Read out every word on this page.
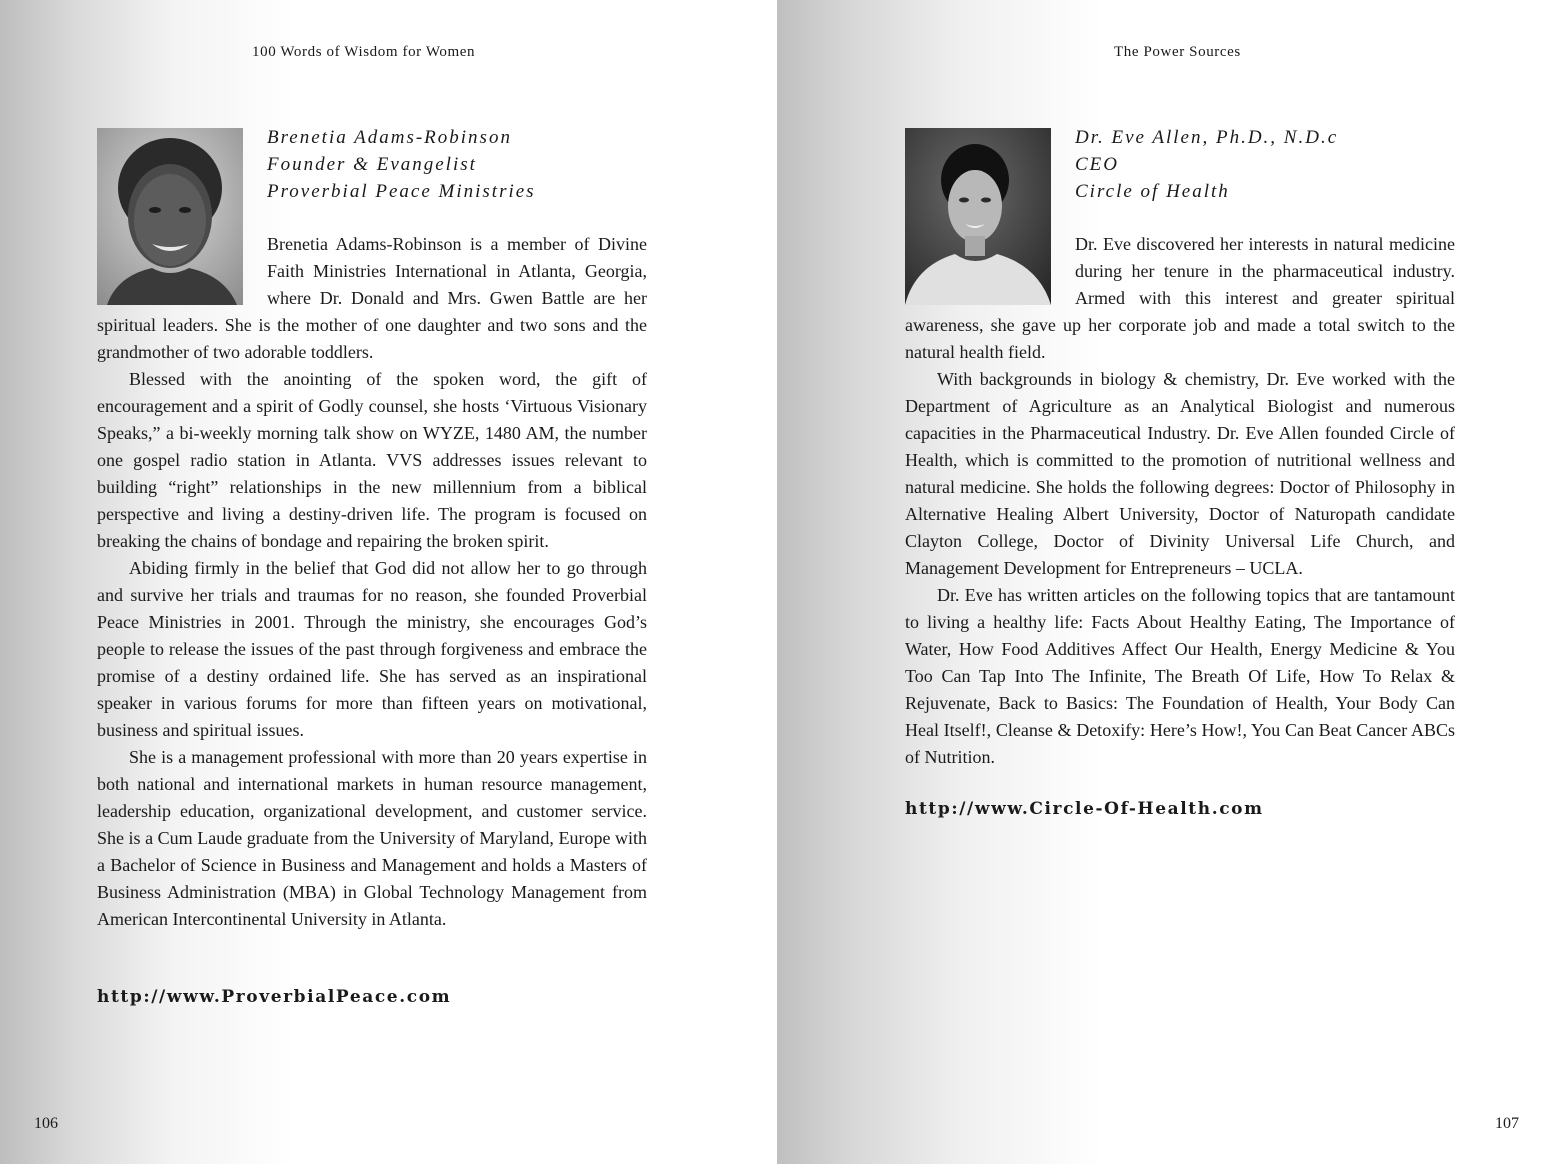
100 Words of Wisdom for Women
Brenetia Adams-Robinson
Founder & Evangelist
Proverbial Peace Ministries

Brenetia Adams-Robinson is a member of Divine Faith Ministries International in Atlanta, Georgia, where Dr. Donald and Mrs. Gwen Battle are her spiritual leaders. She is the mother of one daughter and two sons and the grandmother of two adorable toddlers.

Blessed with the anointing of the spoken word, the gift of encouragement and a spirit of Godly counsel, she hosts ‘Virtuous Visionary Speaks,” a bi-weekly morning talk show on WYZE, 1480 AM, the number one gospel radio station in Atlanta. VVS addresses issues relevant to building “right” relationships in the new millennium from a biblical perspective and living a destiny-driven life. The program is focused on breaking the chains of bondage and repairing the broken spirit.

Abiding firmly in the belief that God did not allow her to go through and survive her trials and traumas for no reason, she founded Proverbial Peace Ministries in 2001. Through the ministry, she encourages God’s people to release the issues of the past through forgiveness and embrace the promise of a destiny ordained life. She has served as an inspirational speaker in various forums for more than fifteen years on motivational, business and spiritual issues.

She is a management professional with more than 20 years expertise in both national and international markets in human resource management, leadership education, organizational development, and customer service. She is a Cum Laude graduate from the University of Maryland, Europe with a Bachelor of Science in Business and Management and holds a Masters of Business Administration (MBA) in Global Technology Management from American Intercontinental University in Atlanta.

http://www.ProverbialPeace.com
106
The Power Sources
Dr. Eve Allen, Ph.D., N.D.c
CEO
Circle of Health

Dr. Eve discovered her interests in natural medicine during her tenure in the pharmaceutical industry. Armed with this interest and greater spiritual awareness, she gave up her corporate job and made a total switch to the natural health field.

With backgrounds in biology & chemistry, Dr. Eve worked with the Department of Agriculture as an Analytical Biologist and numerous capacities in the Pharmaceutical Industry. Dr. Eve Allen founded Circle of Health, which is committed to the promotion of nutritional wellness and natural medicine. She holds the following degrees: Doctor of Philosophy in Alternative Healing Albert University, Doctor of Naturopath candidate Clayton College, Doctor of Divinity Universal Life Church, and Management Development for Entrepreneurs – UCLA.

Dr. Eve has written articles on the following topics that are tantamount to living a healthy life: Facts About Healthy Eating, The Importance of Water, How Food Additives Affect Our Health, Energy Medicine & You Too Can Tap Into The Infinite, The Breath Of Life, How To Relax & Rejuvenate, Back to Basics: The Foundation of Health, Your Body Can Heal Itself!, Cleanse & Detoxify: Here’s How!, You Can Beat Cancer ABCs of Nutrition.

http://www.Circle-Of-Health.com
107
